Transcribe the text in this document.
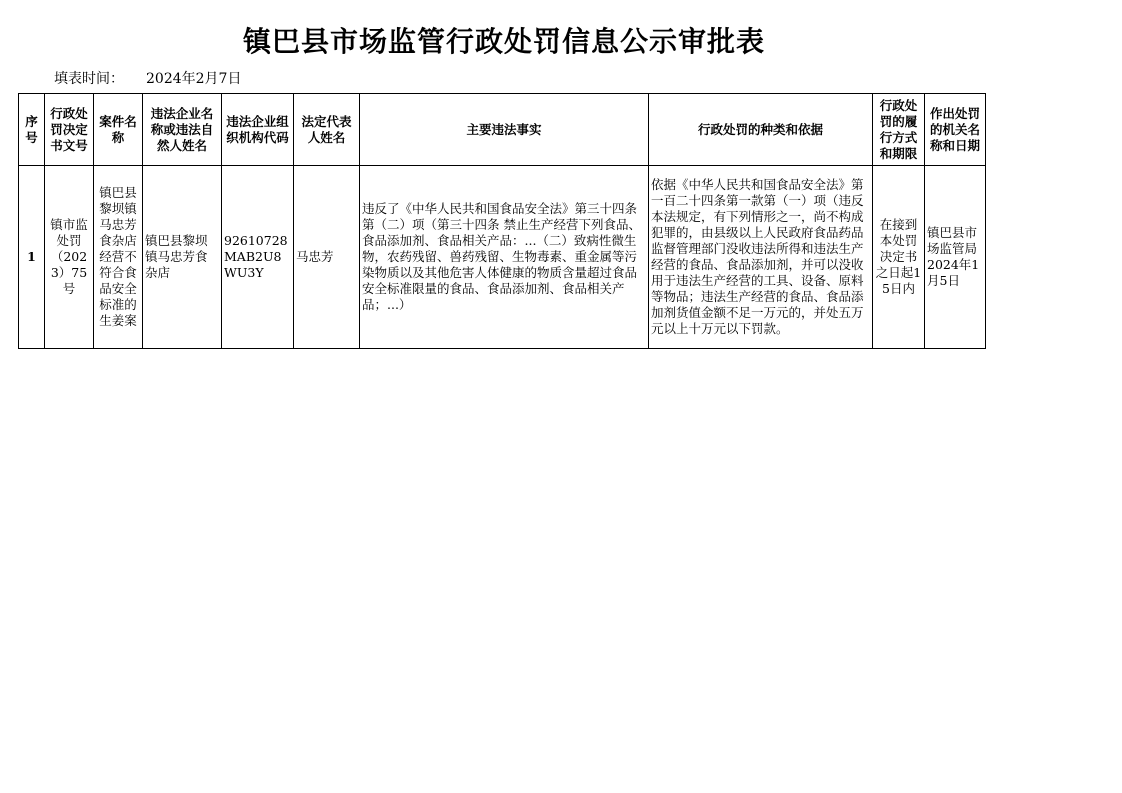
镇巴县市场监管行政处罚信息公示审批表
填表时间： 2024年2月7日
序号	行政处罚决定书文号	案件名称	违法企业名称或违法自然人姓名	违法企业组织机构代码	法定代表人姓名	主要违法事实	行政处罚的种类和依据	行政处罚的履行方式和期限	作出处罚的机关名称和日期
1	镇市监处罚（2023）75号	镇巴县黎坝镇马忠芳食杂店经营不符合食品安全标准的生姜案	镇巴县黎坝镇马忠芳食杂店	92610728MAB2U8WU3Y	马忠芳	违反了《中华人民共和国食品安全法》第三十四条第（二）项（第三十四条 禁止生产经营下列食品、食品添加剂、食品相关产品：...（二）致病性微生物，农药残留、兽药残留、生物毒素、重金属等污染物质以及其他危害人体健康的物质含量超过食品安全标准限量的食品、食品添加剂、食品相关产品；...）	依据《中华人民共和国食品安全法》第一百二十四条第一款第（一）项（违反本法规定，有下列情形之一，尚不构成犯罪的，由县级以上人民政府食品药品监督管理部门没收违法所得和违法生产经营的食品、食品添加剂，并可以没收用于违法生产经营的工具、设备、原料等物品；违法生产经营的食品、食品添加剂货值金额不足一万元的，并处五万元以上十万元以下罚款。	在接到本处罚决定书之日起15日内	镇巴县市场监管局2024年1月5日
